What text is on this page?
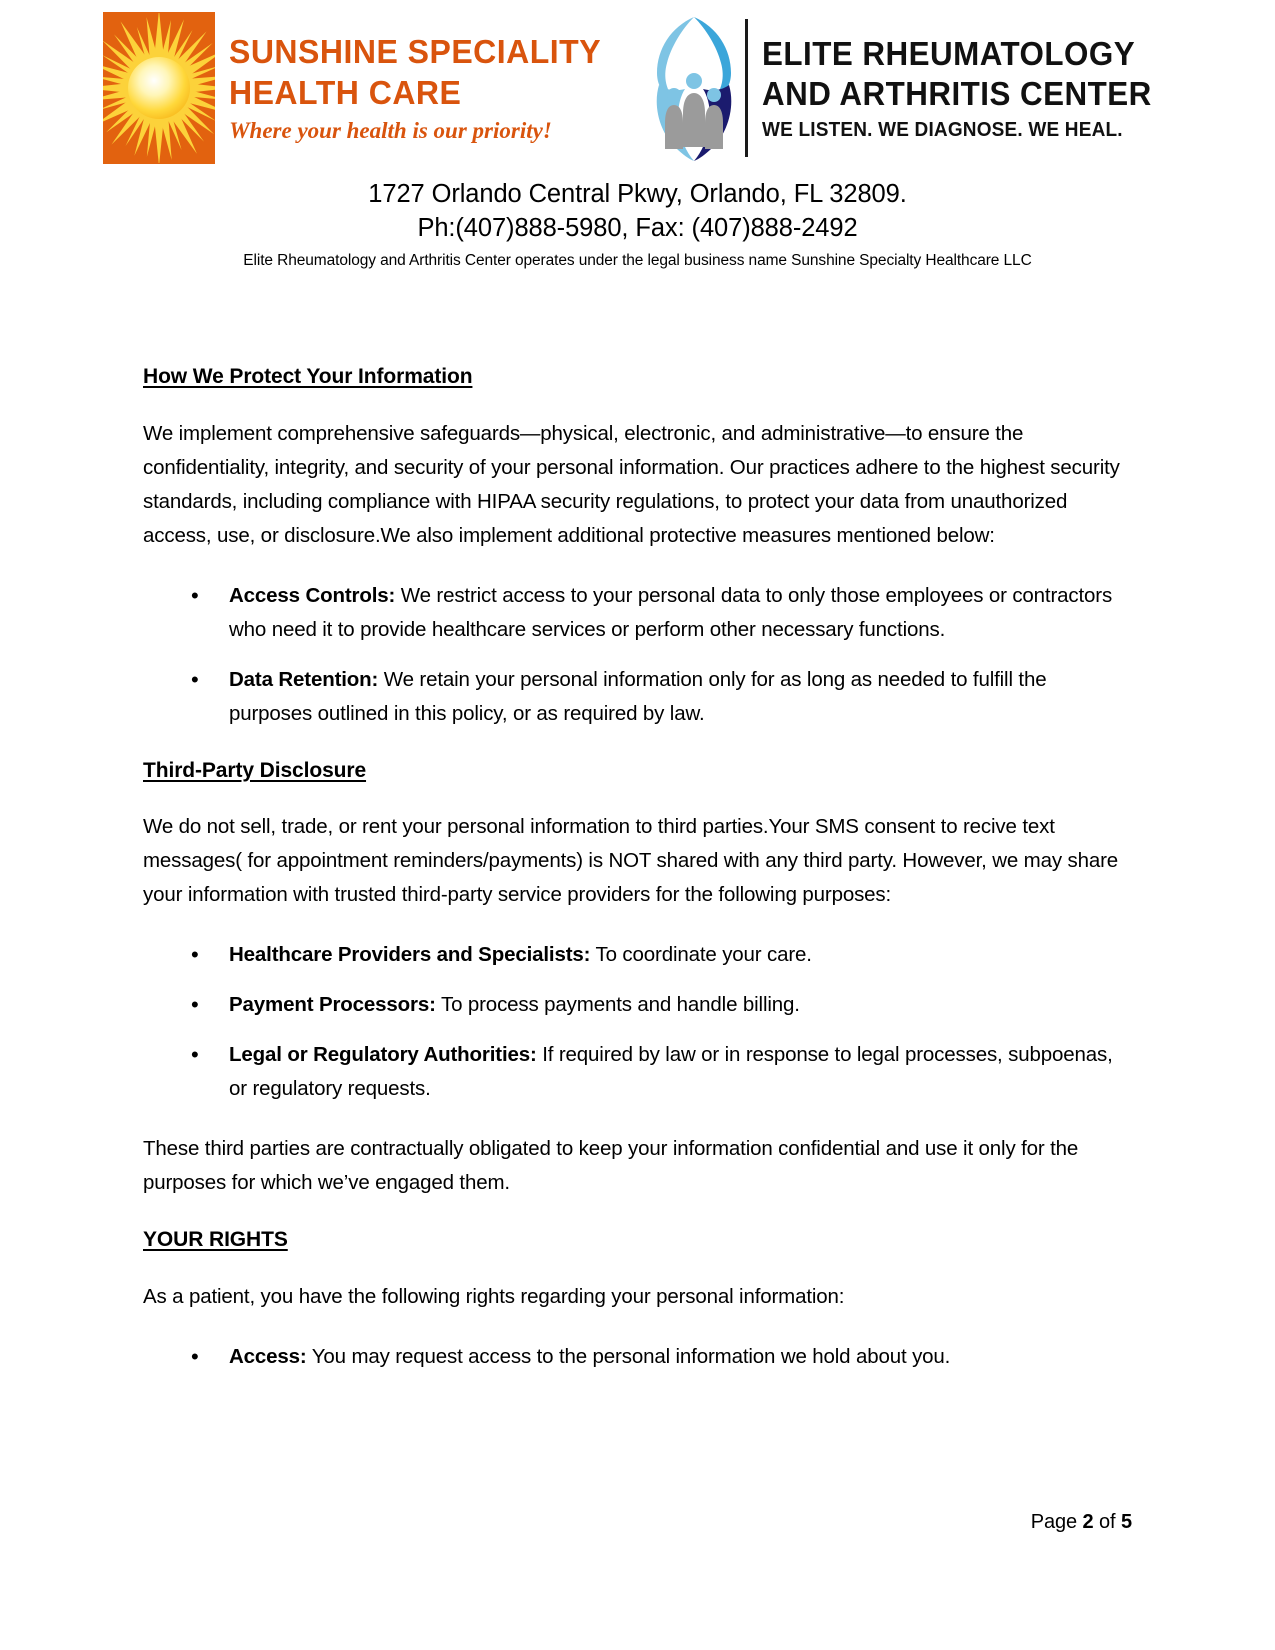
SUNSHINE SPECIALITY
HEALTH CARE
Where your health is our priority!
ELITE RHEUMATOLOGY
AND ARTHRITIS CENTER
WE LISTEN. WE DIAGNOSE. WE HEAL.
1727 Orlando Central Pkwy, Orlando, FL 32809.
Ph:(407)888-5980, Fax: (407)888-2492
Elite Rheumatology and Arthritis Center operates under the legal business name Sunshine Specialty Healthcare LLC
How We Protect Your Information

We implement comprehensive safeguards—physical, electronic, and administrative—to ensure the confidentiality, integrity, and security of your personal information. Our practices adhere to the highest security standards, including compliance with HIPAA security regulations, to protect your data from unauthorized access, use, or disclosure.We also implement additional protective measures mentioned below:

• Access Controls: We restrict access to your personal data to only those employees or contractors who need it to provide healthcare services or perform other necessary functions.
• Data Retention: We retain your personal information only for as long as needed to fulfill the purposes outlined in this policy, or as required by law.
Third-Party Disclosure

We do not sell, trade, or rent your personal information to third parties.Your SMS consent to recive text messages( for appointment reminders/payments) is NOT shared with any third party. However, we may share your information with trusted third-party service providers for the following purposes:

• Healthcare Providers and Specialists: To coordinate your care.
• Payment Processors: To process payments and handle billing.
• Legal or Regulatory Authorities: If required by law or in response to legal processes, subpoenas, or regulatory requests.

These third parties are contractually obligated to keep your information confidential and use it only for the purposes for which we’ve engaged them.

YOUR RIGHTS

As a patient, you have the following rights regarding your personal information:

• Access: You may request access to the personal information we hold about you.
Page 2 of 5
